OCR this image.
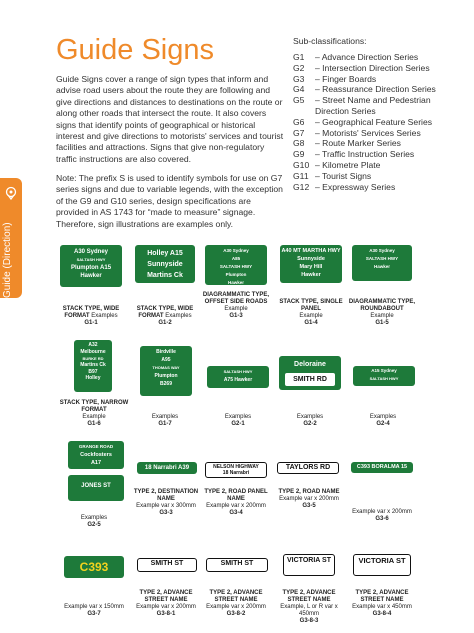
Guide (Direction)
Guide Signs
Guide Signs cover a range of sign types that inform and advise road users about the route they are following and give directions and distances to destinations on the route or along other roads that intersect the route. It also covers signs that identify points of geographical or historical interest and give directions to motorists' services and tourist facilities and attractions. Signs that give non-regulatory traffic instructions are also covered.
Note: The prefix S is used to identify symbols for use on G7 series signs and due to variable legends, with the exception of the G9 and G10 series, design specifications are provided in AS 1743 for “made to measure” signage. Therefore, sign illustrations are examples only.
Sub-classifications:
G1	– Advance Direction Series
G2	– Intersection Direction Series
G3	– Finger Boards
G4	– Reassurance Direction Series
G5	– Street Name and Pedestrian Direction Series
G6	– Geographical Feature Series
G7	– Motorists' Services Series
G8	– Route Marker Series
G9	– Traffic Instruction Series
G10 – Kilometre Plate
G11 – Tourist Signs
G12 – Expressway Series
A30 Sydney
SALTASH HWY
Plumpton A15
Hawker
Holley A15
Sunnyside
Martins Ck
A30 Sydney
A85
SALTASH HWY
Plumpton
Hawker
A40 MT MARTHA HWY
Sunnyside
Mary Hill
Hawker
A30 Sydney
SALTASH HWY
Hawker
STACK TYPE, WIDE FORMAT Examples
G1-1
STACK TYPE, WIDE FORMAT Examples
G1-2
DIAGRAMMATIC TYPE, OFFSET SIDE ROADS
Example
G1-3
STACK TYPE, SINGLE PANEL
Example
G1-4
DIAGRAMMATIC TYPE, ROUNDABOUT
Example
G1-5
A32
Melbourne
BURKE RD
Martins Ck
B97
Holley
Birdville
A95
THOMAS WAY
Plumpton
B269
SALTASH HWY
A75 Hawker
Deloraine
SMITH RD
A15 Sydney
SALTASH HWY
STACK TYPE, NARROW FORMAT
Example
G1-6
Examples
G1-7
Examples
G2-1
Examples
G2-2
Examples
G2-4
GRANGE ROAD
Cockfosters
A17
JONES ST
18 Narrabri A39	NELSON HIGHWAY
18 Narrabri
TAYLORS RD	C393 BORALMA 15
Examples
G2-5
TYPE 2, DESTINATION NAME
Example var x 300mm
G3-3
TYPE 2, ROAD PANEL NAME
Example var x 200mm
G3-4
TYPE 2, ROAD NAME
Example var x 200mm
G3-5
Example var x 200mm
G3-6
C393	SMITH ST	SMITH ST	VICTORIA ST	VICTORIA ST
Example var x 150mm
G3-7
TYPE 2, ADVANCE STREET NAME
Example var x 200mm
G3-8-1
TYPE 2, ADVANCE STREET NAME
Example var x 200mm
G3-8-2
TYPE 2, ADVANCE STREET NAME
Example, L or R var x 450mm
G3-8-3
TYPE 2, ADVANCE STREET NAME
Example var x 450mm
G3-8-4
